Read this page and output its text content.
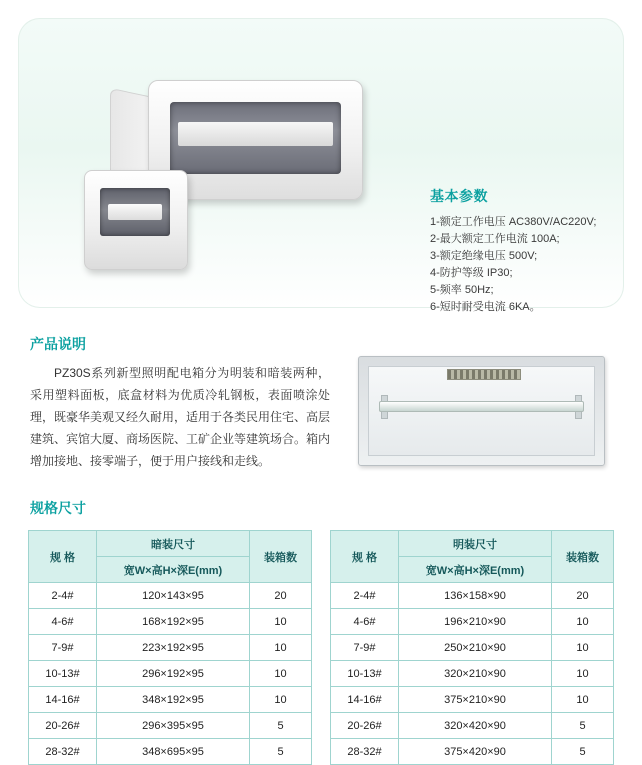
基本参数
1-额定工作电压 AC380V/AC220V;
2-最大额定工作电流 100A;
3-额定绝缘电压 500V;
4-防护等级 IP30;
5-频率 50Hz;
6-短时耐受电流 6KA。
产品说明
PZ30S系列新型照明配电箱分为明装和暗装两种，采用塑料面板，底盒材料为优质冷轧钢板，表面喷涂处理，既豪华美观又经久耐用，适用于各类民用住宅、高层建筑、宾馆大厦、商场医院、工矿企业等建筑场合。箱内增加接地、接零端子，便于用户接线和走线。
规格尺寸
规 格	暗装尺寸	装箱数
	宽W×高H×深E(mm)	
2-4#	120×143×95	20
4-6#	168×192×95	10
7-9#	223×192×95	10
10-13#	296×192×95	10
14-16#	348×192×95	10
20-26#	296×395×95	5
28-32#	348×695×95	5
规 格	明装尺寸	装箱数
	宽W×高H×深E(mm)	
2-4#	136×158×90	20
4-6#	196×210×90	10
7-9#	250×210×90	10
10-13#	320×210×90	10
14-16#	375×210×90	10
20-26#	320×420×90	5
28-32#	375×420×90	5
